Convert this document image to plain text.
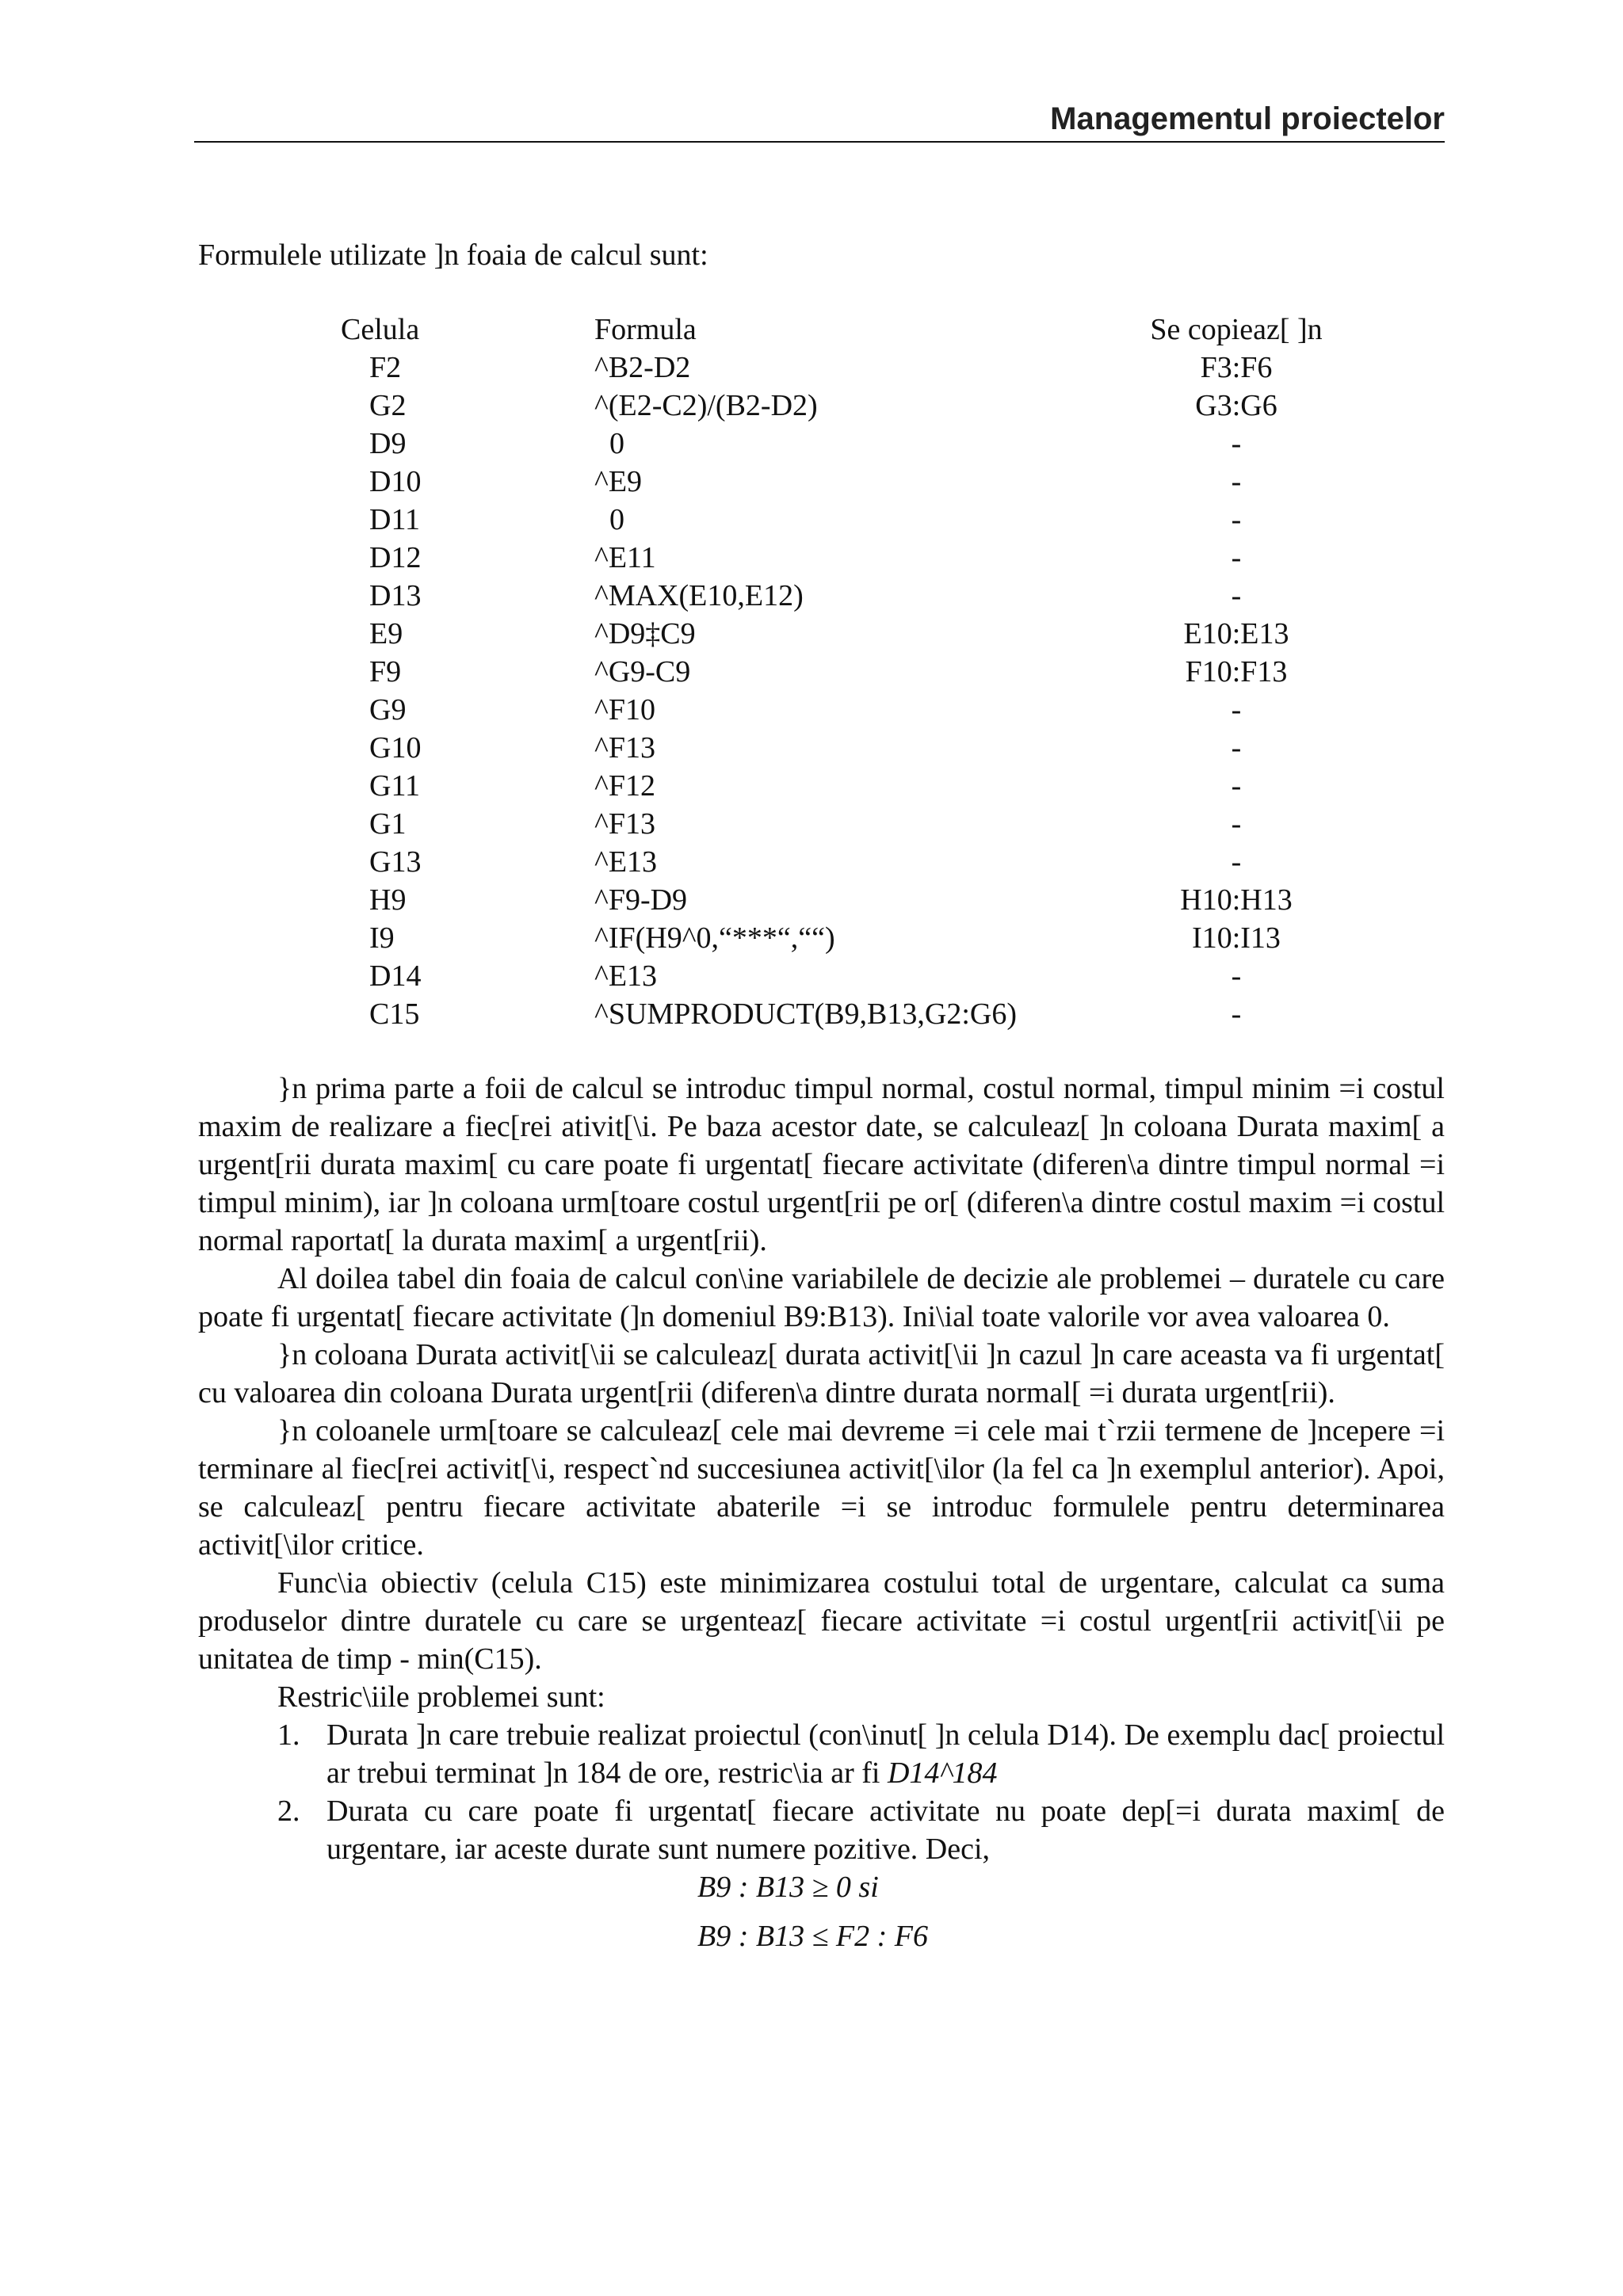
Managementul proiectelor

Formulele utilizate ]n foaia de calcul sunt:

Celula	Formula	Se copieaz[ ]n
F2	^B2-D2	F3:F6
G2	^(E2-C2)/(B2-D2)	G3:G6
D9	0	-
D10	^E9	-
D11	0	-
D12	^E11	-
D13	^MAX(E10,E12)	-
E9	^D9‡C9	E10:E13
F9	^G9-C9	F10:F13
G9	^F10	-
G10	^F13	-
G11	^F12	-
G1	^F13	-
G13	^E13	-
H9	^F9-D9	H10:H13
I9	^IF(H9^0,“***“,““)	I10:I13
D14	^E13	-
C15	^SUMPRODUCT(B9,B13,G2:G6)	-

}n prima parte a foii de calcul se introduc timpul normal, costul normal, timpul minim =i costul maxim de realizare a fiec[rei ativit[\i. Pe baza acestor date, se calculeaz[ ]n coloana Durata maxim[ a urgent[rii durata maxim[ cu care poate fi urgentat[ fiecare activitate (diferen\a dintre timpul normal =i timpul minim), iar ]n coloana urm[toare costul urgent[rii pe or[ (diferen\a dintre costul maxim =i costul normal raportat[ la durata maxim[ a urgent[rii).

Al doilea tabel din foaia de calcul con\ine variabilele de decizie ale problemei – duratele cu care poate fi urgentat[ fiecare activitate (]n domeniul B9:B13). Ini\ial toate valorile vor avea valoarea 0.

}n coloana Durata activit[\ii se calculeaz[ durata activit[\ii ]n cazul ]n care aceasta va fi urgentat[ cu valoarea din coloana Durata urgent[rii (diferen\a dintre durata normal[ =i durata urgent[rii).

}n coloanele urm[toare se calculeaz[ cele mai devreme =i cele mai t`rzii termene de ]ncepere =i terminare al fiec[rei activit[\i, respect`nd succesiunea activit[\ilor (la fel ca ]n exemplul anterior). Apoi, se calculeaz[ pentru fiecare activitate abaterile =i se introduc formulele pentru determinarea activit[\ilor critice.

Func\ia obiectiv (celula C15) este minimizarea costului total de urgentare, calculat ca suma produselor dintre duratele cu care se urgenteaz[ fiecare activitate =i costul urgent[rii activit[\ii pe unitatea de timp - min(C15).

Restric\iile problemei sunt:

1. Durata ]n care trebuie realizat proiectul (con\inut[ ]n celula D14). De exemplu dac[ proiectul ar trebui terminat ]n 184 de ore, restric\ia ar fi D14^184
2. Durata cu care poate fi urgentat[ fiecare activitate nu poate dep[=i durata maxim[ de urgentare, iar aceste durate sunt numere pozitive. Deci,

B9 : B13 ≥ 0 si

B9 : B13 ≤ F2 : F6
